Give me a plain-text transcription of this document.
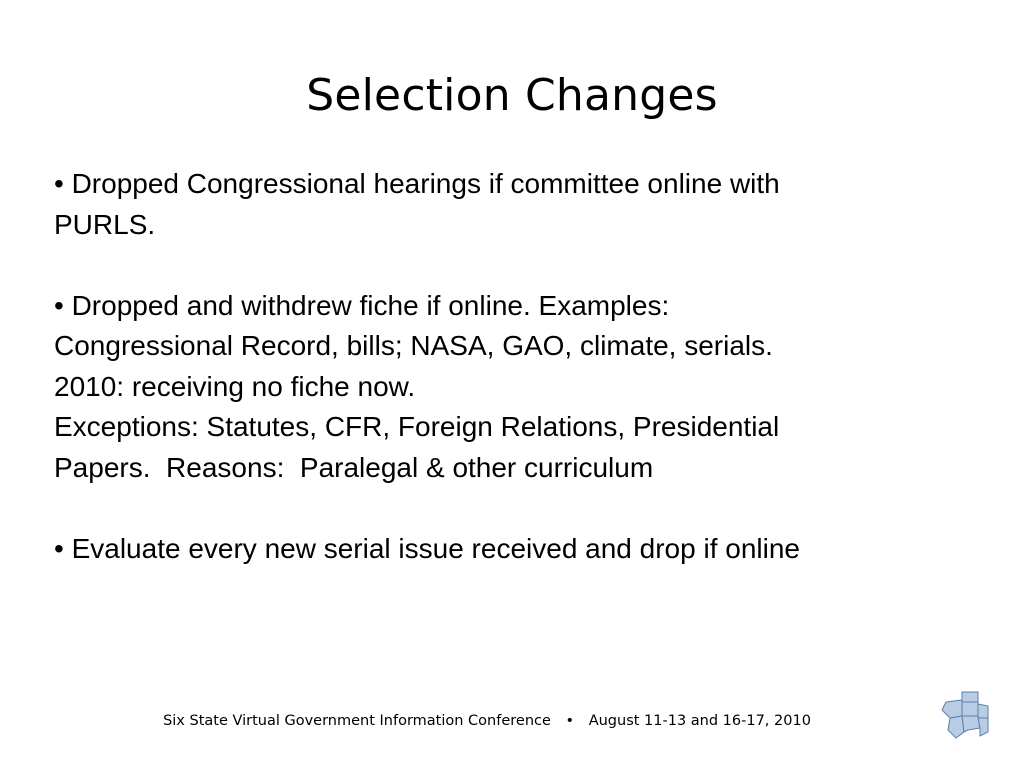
Selection Changes
• Dropped Congressional hearings if committee online with
PURLS.
• Dropped and withdrew fiche if online. Examples:
Congressional Record, bills; NASA, GAO, climate, serials.
2010: receiving no fiche now.
Exceptions: Statutes, CFR, Foreign Relations, Presidential
Papers.  Reasons:  Paralegal & other curriculum
• Evaluate every new serial issue received and drop if online
Six State Virtual Government Information Conference • August 11-13 and 16-17, 2010
